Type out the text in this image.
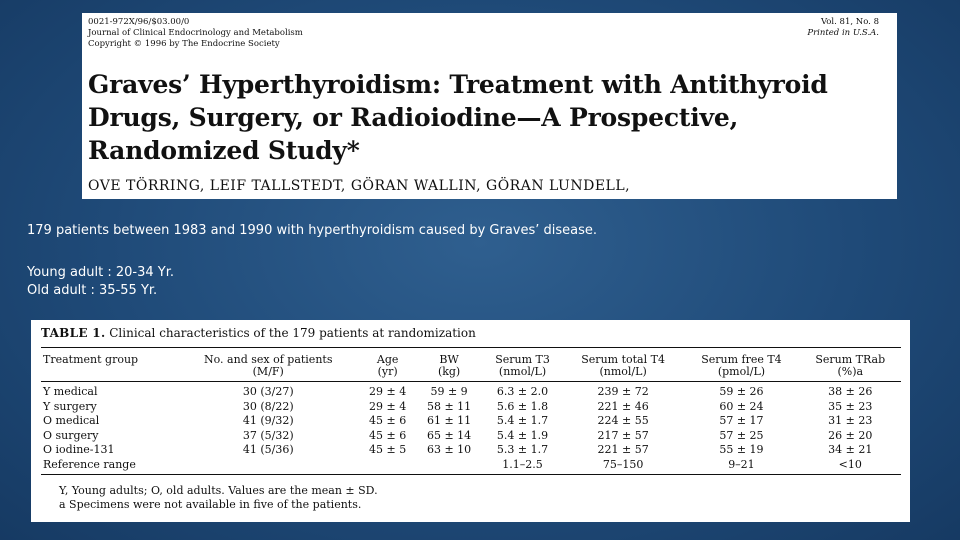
0021-972X/96/$03.00/0
Journal of Clinical Endocrinology and Metabolism
Copyright © 1996 by The Endocrine Society
Vol. 81, No. 8
Printed in U.S.A.
Graves’ Hyperthyroidism: Treatment with Antithyroid Drugs, Surgery, or Radioiodine—A Prospective, Randomized Study*
OVE TÖRRING, LEIF TALLSTEDT, GÖRAN WALLIN, GÖRAN LUNDELL,

179 patients between 1983 and 1990 with hyperthyroidism caused by Graves’ disease.

Young adult : 20-34 Yr.

Old adult : 35-55 Yr.

TABLE 1. Clinical characteristics of the 179 patients at randomization
Treatment group	No. and sex of patients	Age	BW	Serum T3	Serum total T4	Serum free T4	Serum TRab
	(M/F)	(yr)	(kg)	(nmol/L)	(nmol/L)	(pmol/L)	(%)a
Y medical	30 (3/27)	29 ± 4	59 ± 9	6.3 ± 2.0	239 ± 72	59 ± 26	38 ± 26
Y surgery	30 (8/22)	29 ± 4	58 ± 11	5.6 ± 1.8	221 ± 46	60 ± 24	35 ± 23
O medical	41 (9/32)	45 ± 6	61 ± 11	5.4 ± 1.7	224 ± 55	57 ± 17	31 ± 23
O surgery	37 (5/32)	45 ± 6	65 ± 14	5.4 ± 1.9	217 ± 57	57 ± 25	26 ± 20
O iodine-131	41 (5/36)	45 ± 5	63 ± 10	5.3 ± 1.7	221 ± 57	55 ± 19	34 ± 21
Reference range				1.1–2.5	75–150	9–21	<10

Y, Young adults; O, old adults. Values are the mean ± SD.

a Specimens were not available in five of the patients.
